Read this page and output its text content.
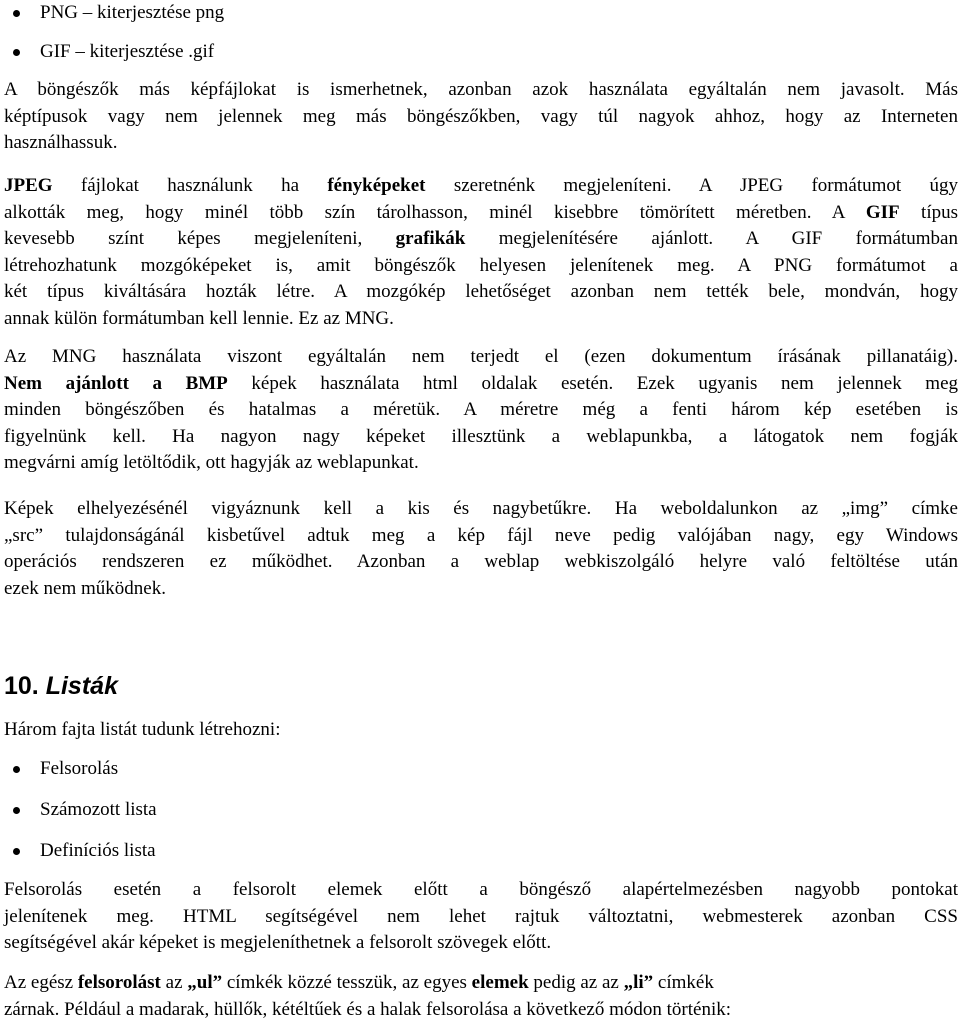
PNG – kiterjesztése png
GIF – kiterjesztése .gif

A böngészők más képfájlokat is ismerhetnek, azonban azok használata egyáltalán nem javasolt. Más
képtípusok vagy nem jelennek meg más böngészőkben, vagy túl nagyok ahhoz, hogy az Interneten
használhassuk.

JPEG fájlokat használunk ha fényképeket szeretnénk megjeleníteni. A JPEG formátumot úgy
alkották meg, hogy minél több szín tárolhasson, minél kisebbre tömörített méretben. A GIF típus
kevesebb színt képes megjeleníteni, grafikák megjelenítésére ajánlott. A GIF formátumban
létrehozhatunk mozgóképeket is, amit böngészők helyesen jelenítenek meg. A PNG formátumot a
két típus kiváltására hozták létre. A mozgókép lehetőséget azonban nem tették bele, mondván, hogy
annak külön formátumban kell lennie. Ez az MNG.

Az MNG használata viszont egyáltalán nem terjedt el (ezen dokumentum írásának pillanatáig).
Nem ajánlott a BMP képek használata html oldalak esetén. Ezek ugyanis nem jelennek meg
minden böngészőben és hatalmas a méretük. A méretre még a fenti három kép esetében is
figyelnünk kell. Ha nagyon nagy képeket illesztünk a weblapunkba, a látogatok nem fogják
megvárni amíg letöltődik, ott hagyják az weblapunkat.

Képek elhelyezésénél vigyáznunk kell a kis és nagybetűkre. Ha weboldalunkon az „img” címke
„src” tulajdonságánál kisbetűvel adtuk meg a kép fájl neve pedig valójában nagy, egy Windows
operációs rendszeren ez működhet. Azonban a weblap webkiszolgáló helyre való feltöltése után
ezek nem működnek.

10. Listák

Három fajta listát tudunk létrehozni:

Felsorolás
Számozott lista
Definíciós lista

Felsorolás esetén a felsorolt elemek előtt a böngésző alapértelmezésben nagyobb pontokat
jelenítenek meg. HTML segítségével nem lehet rajtuk változtatni, webmesterek azonban CSS
segítségével akár képeket is megjeleníthetnek a felsorolt szövegek előtt.

Az egész felsorolást az „ul” címkék közzé tesszük, az egyes elemek pedig az az „li” címkék
zárnak. Például a madarak, hüllők, kétéltűek és a halak felsorolása a következő módon történik:
